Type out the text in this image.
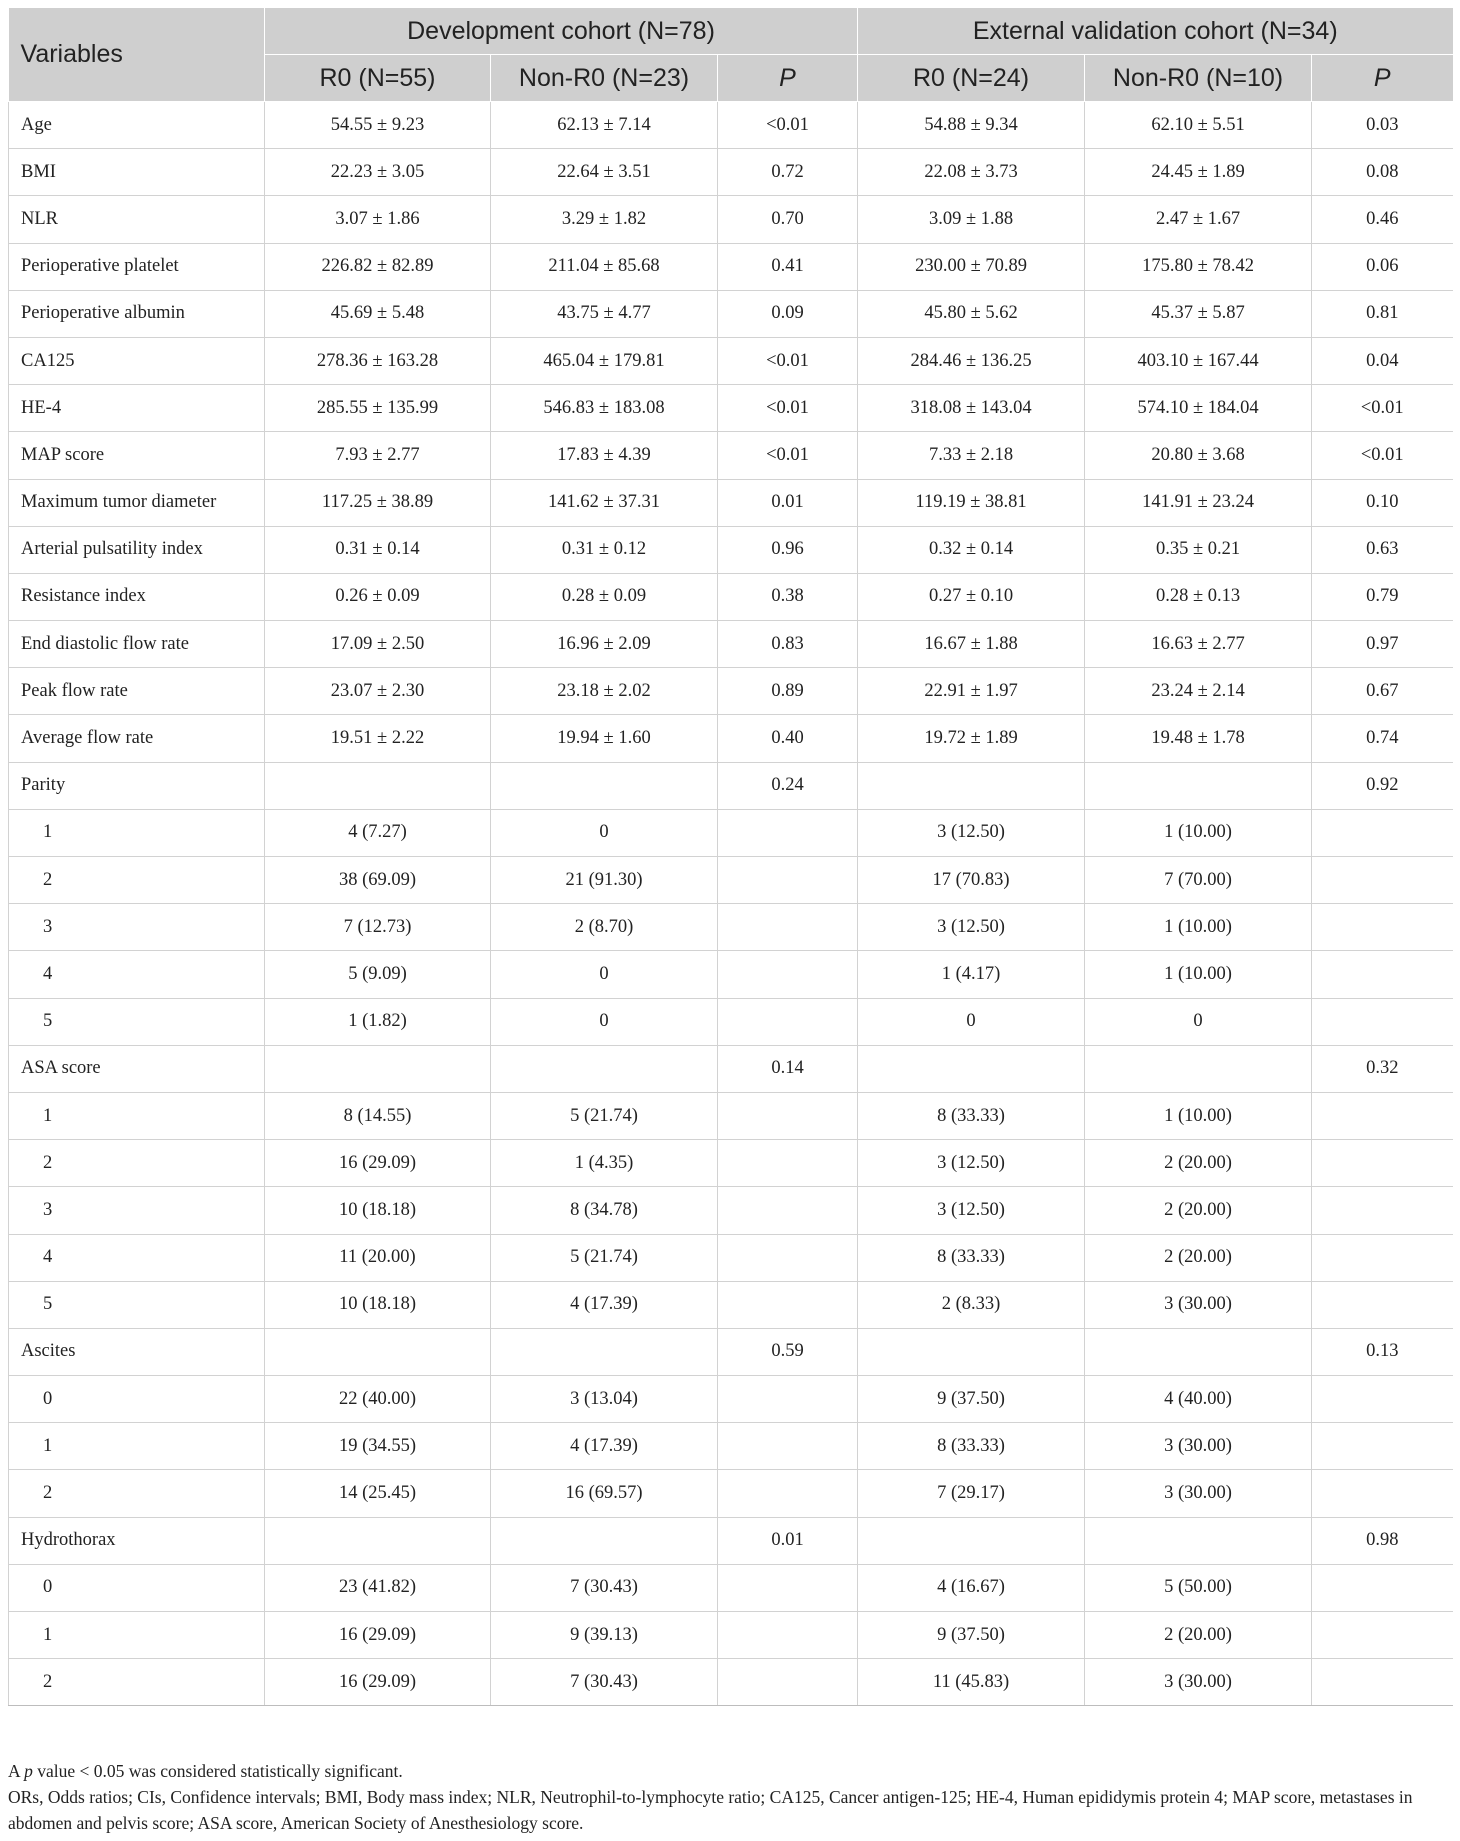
Variables	Development cohort (N=78)			External validation cohort (N=34)		
	R0 (N=55)	Non-R0 (N=23)	P	R0 (N=24)	Non-R0 (N=10)	P
Age	54.55 ± 9.23	62.13 ± 7.14	<0.01	54.88 ± 9.34	62.10 ± 5.51	0.03
BMI	22.23 ± 3.05	22.64 ± 3.51	0.72	22.08 ± 3.73	24.45 ± 1.89	0.08
NLR	3.07 ± 1.86	3.29 ± 1.82	0.70	3.09 ± 1.88	2.47 ± 1.67	0.46
Perioperative platelet	226.82 ± 82.89	211.04 ± 85.68	0.41	230.00 ± 70.89	175.80 ± 78.42	0.06
Perioperative albumin	45.69 ± 5.48	43.75 ± 4.77	0.09	45.80 ± 5.62	45.37 ± 5.87	0.81
CA125	278.36 ± 163.28	465.04 ± 179.81	<0.01	284.46 ± 136.25	403.10 ± 167.44	0.04
HE-4	285.55 ± 135.99	546.83 ± 183.08	<0.01	318.08 ± 143.04	574.10 ± 184.04	<0.01
MAP score	7.93 ± 2.77	17.83 ± 4.39	<0.01	7.33 ± 2.18	20.80 ± 3.68	<0.01
Maximum tumor diameter	117.25 ± 38.89	141.62 ± 37.31	0.01	119.19 ± 38.81	141.91 ± 23.24	0.10
Arterial pulsatility index	0.31 ± 0.14	0.31 ± 0.12	0.96	0.32 ± 0.14	0.35 ± 0.21	0.63
Resistance index	0.26 ± 0.09	0.28 ± 0.09	0.38	0.27 ± 0.10	0.28 ± 0.13	0.79
End diastolic flow rate	17.09 ± 2.50	16.96 ± 2.09	0.83	16.67 ± 1.88	16.63 ± 2.77	0.97
Peak flow rate	23.07 ± 2.30	23.18 ± 2.02	0.89	22.91 ± 1.97	23.24 ± 2.14	0.67
Average flow rate	19.51 ± 2.22	19.94 ± 1.60	0.40	19.72 ± 1.89	19.48 ± 1.78	0.74
Parity			0.24			0.92
1	4 (7.27)	0		3 (12.50)	1 (10.00)	
2	38 (69.09)	21 (91.30)		17 (70.83)	7 (70.00)	
3	7 (12.73)	2 (8.70)		3 (12.50)	1 (10.00)	
4	5 (9.09)	0		1 (4.17)	1 (10.00)	
5	1 (1.82)	0		0	0	
ASA score			0.14			0.32
1	8 (14.55)	5 (21.74)		8 (33.33)	1 (10.00)	
2	16 (29.09)	1 (4.35)		3 (12.50)	2 (20.00)	
3	10 (18.18)	8 (34.78)		3 (12.50)	2 (20.00)	
4	11 (20.00)	5 (21.74)		8 (33.33)	2 (20.00)	
5	10 (18.18)	4 (17.39)		2 (8.33)	3 (30.00)	
Ascites			0.59			0.13
0	22 (40.00)	3 (13.04)		9 (37.50)	4 (40.00)	
1	19 (34.55)	4 (17.39)		8 (33.33)	3 (30.00)	
2	14 (25.45)	16 (69.57)		7 (29.17)	3 (30.00)	
Hydrothorax			0.01			0.98
0	23 (41.82)	7 (30.43)		4 (16.67)	5 (50.00)	
1	16 (29.09)	9 (39.13)		9 (37.50)	2 (20.00)	
2	16 (29.09)	7 (30.43)		11 (45.83)	3 (30.00)	
A p value < 0.05 was considered statistically significant.
ORs, Odds ratios; CIs, Confidence intervals; BMI, Body mass index; NLR, Neutrophil-to-lymphocyte ratio; CA125, Cancer antigen-125; HE-4, Human epididymis protein 4; MAP score, metastases in abdomen and pelvis score; ASA score, American Society of Anesthesiology score.
